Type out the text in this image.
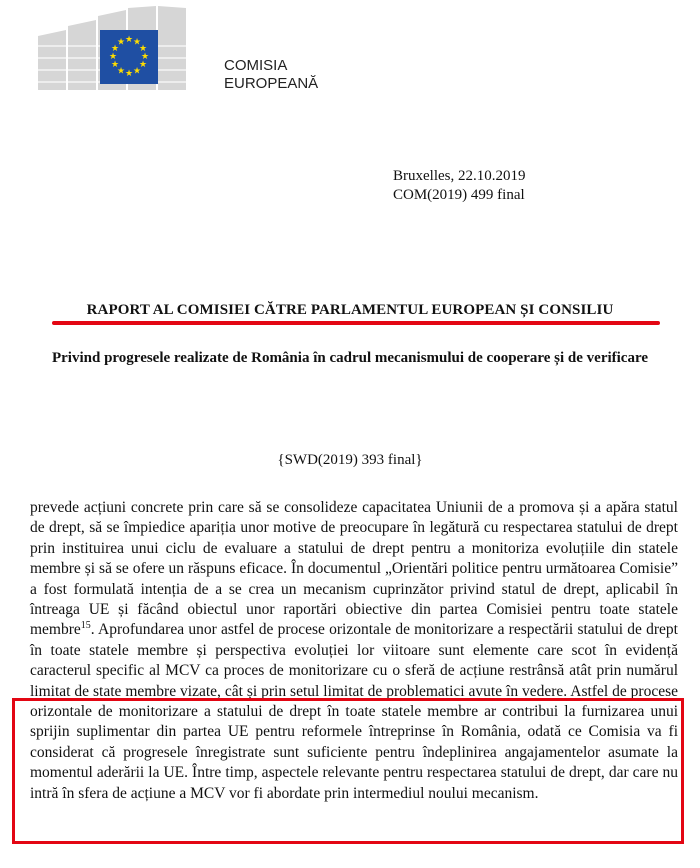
★ ★
★
★
★
★
★
★
★
★
★
★
COMISIA
EUROPEANĂ
Bruxelles, 22.10.2019
COM(2019) 499 final
RAPORT AL COMISIEI CĂTRE PARLAMENTUL EUROPEAN ȘI CONSILIU
Privind progresele realizate de România în cadrul mecanismului de cooperare și de verificare
{SWD(2019) 393 final}

prevede acțiuni concrete prin care să se consolideze capacitatea Uniunii de a promova și a apăra statul de drept, să se împiedice apariția unor motive de preocupare în legătură cu respectarea statului de drept prin instituirea unui ciclu de evaluare a statului de drept pentru a monitoriza evoluțiile din statele membre și să se ofere un răspuns eficace. În documentul „Orientări politice pentru următoarea Comisie” a fost formulată intenția de a se crea un mecanism cuprinzător privind statul de drept, aplicabil în întreaga UE și făcând obiectul unor raportări obiective din partea Comisiei pentru toate statele membre$^{15}$. Aprofundarea unor astfel de procese orizontale de monitorizare a respectării statului de drept în toate statele membre și perspectiva evoluției lor viitoare sunt elemente care scot în evidență caracterul specific al MCV ca proces de monitorizare cu o sferă de acțiune restrânsă atât prin numărul limitat de state membre vizate, cât și prin setul limitat de problematici avute în vedere. Astfel de procese orizontale de monitorizare a statului de drept în toate statele membre ar contribui la furnizarea unui sprijin suplimentar din partea UE pentru reformele întreprinse în România, odată ce Comisia va fi considerat că progresele înregistrate sunt suficiente pentru îndeplinirea angajamentelor asumate la momentul aderării la UE. Între timp, aspectele relevante pentru respectarea statului de drept, dar care nu intră în sfera de acțiune a MCV vor fi abordate prin intermediul noului mecanism.
